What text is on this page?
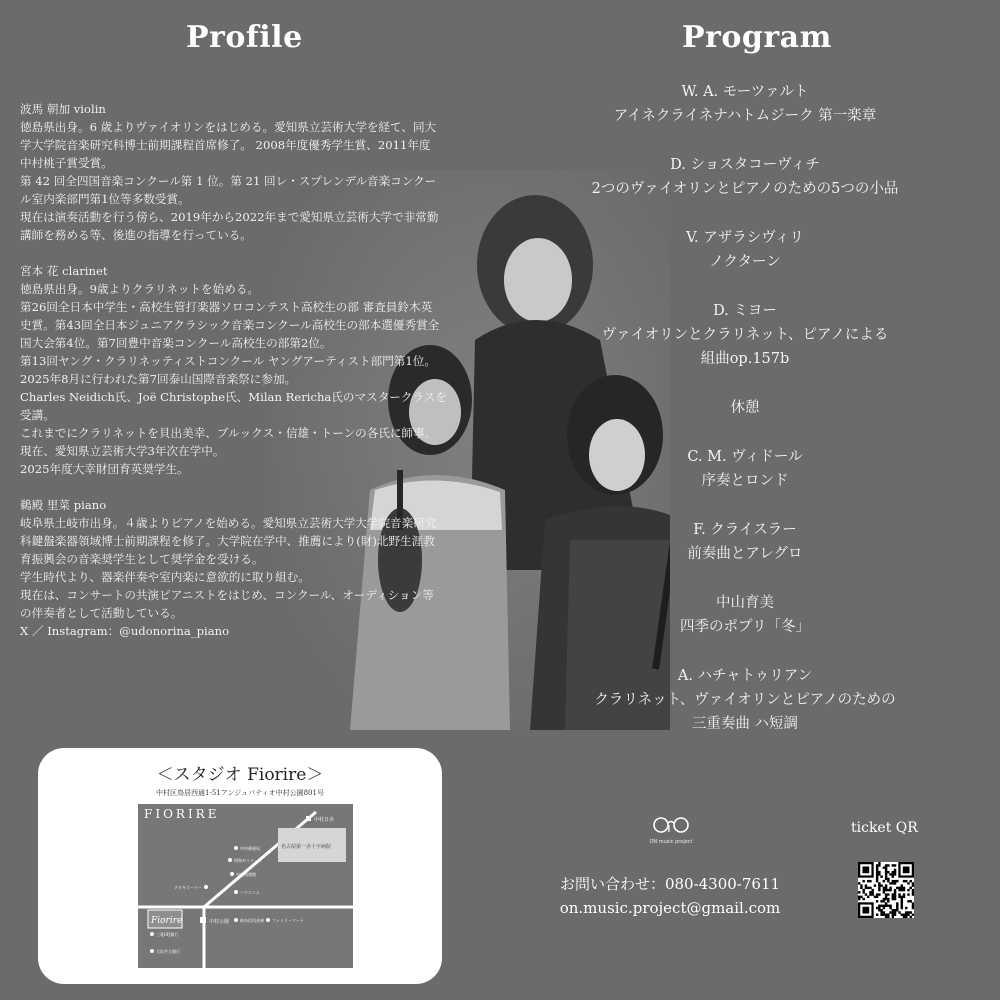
Profile	Program

波馬 朝加 violin

徳島県出身。6 歳よりヴァイオリンをはじめる。愛知県立芸術大学を経て、同大

学大学院音楽研究科博士前期課程首席修了。 2008年度優秀学生賞、2011年度

中村桃子賞受賞。

第 42 回全四国音楽コンクール第 1 位。第 21 回レ・スプレンデル音楽コンクー

ル室内楽部門第1位等多数受賞。

現在は演奏活動を行う傍ら、2019年から2022年まで愛知県立芸術大学で非常勤

講師を務める等、後進の指導を行っている。

宮本 花 clarinet

徳島県出身。9歳よりクラリネットを始める。

第26回全日本中学生・高校生管打楽器ソロコンテスト高校生の部 審査員鈴木英

史賞。第43回全日本ジュニアクラシック音楽コンクール高校生の部本選優秀賞全

国大会第4位。第7回豊中音楽コンクール高校生の部第2位。

第13回ヤング・クラリネッティストコンクール ヤングアーティスト部門第1位。

2025年8月に行われた第7回泰山国際音楽祭に参加。

Charles Neidich氏、Joë Christophe氏、Milan Rericha氏のマスタークラスを

受講。

これまでにクラリネットを貝出美幸、ブルックス・信雄・トーンの各氏に師事。

現在、愛知県立芸術大学3年次在学中。

2025年度大幸財団育英奨学生。

鵜殿 里菜 piano

岐阜県土岐市出身。４歳よりピアノを始める。愛知県立芸術大学大学院音楽研究

科鍵盤楽器領域博士前期課程を修了。大学院在学中、推薦により(財)北野生涯教

育振興会の音楽奨学生として奨学金を受ける。

学生時代より、器楽伴奏や室内楽に意欲的に取り組む。

現在は、コンサートの共演ピアニストをはじめ、コンクール、オーディション等

の伴奏者として活動している。

X ／ Instagram：@udonorina_piano

W. A. モーツァルト

アイネクライネナハトムジーク 第一楽章

D. ショスタコーヴィチ

2つのヴァイオリンとピアノのための5つの小品

V. アザラシヴィリ

ノクターン

D. ミヨー

ヴァイオリンとクラリネット、ピアノによる

組曲op.157b

休憩

C. M. ヴィドール

序奏とロンド

F. クライスラー

前奏曲とアレグロ

中山育美

四季のポプリ「冬」

A. ハチャトゥリアン

クラリネット、ヴァイオリンとピアノのための

三重奏曲 ハ短調

＜スタジオ Fiorire＞
中村区鳥居西通1-51アンジュパティオ中村公園801号
FIORIRE
名古屋第一赤十字病院
中村日赤
中村公園
Fiorire
中村郵便局
明和ゼミナール
中村図書館
アオキスーパー
ハウスコム
三菱UFJ銀行
大垣共立銀行
岐阜信用金庫 ファミリーマート
ON music project
お問い合わせ：080-4300-7611
on.music.project@gmail.com
ticket QR
